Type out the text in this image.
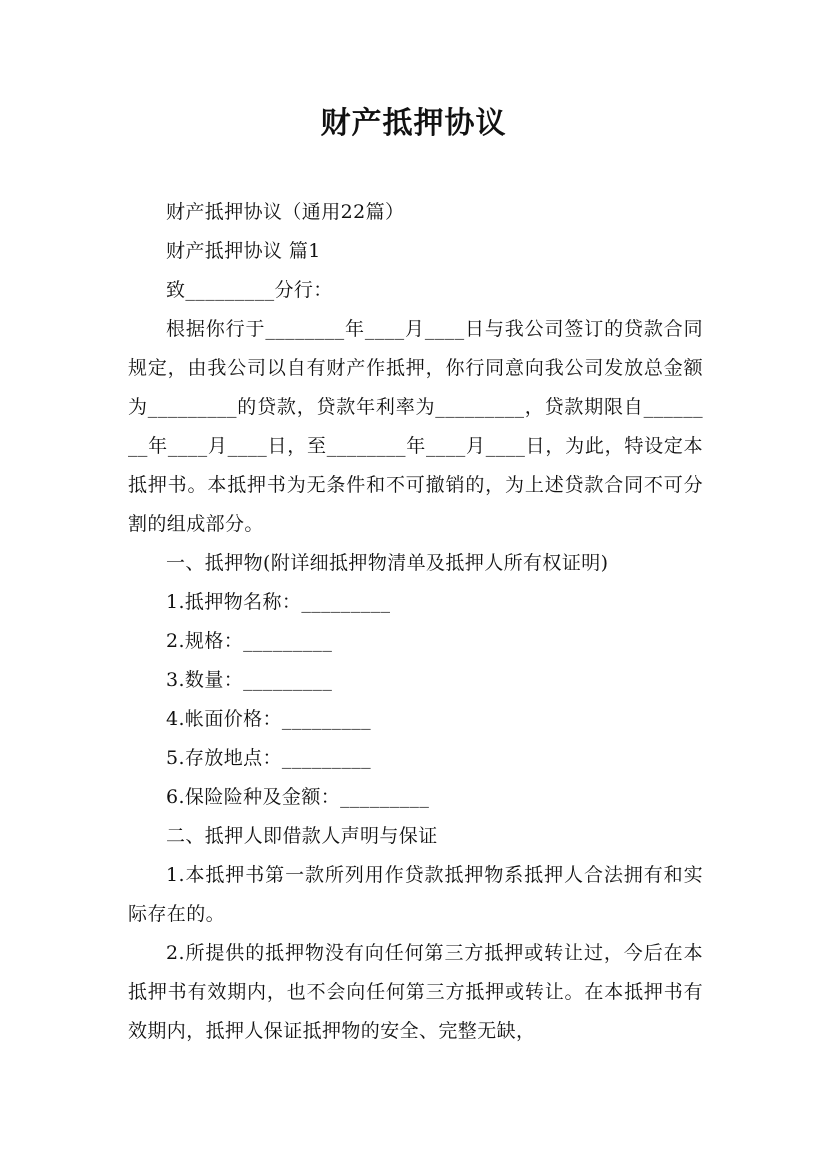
财产抵押协议

财产抵押协议（通用22篇）

财产抵押协议 篇1

致_________分行：

根据你行于________年____月____日与我公司签订的贷款合同规定，由我公司以自有财产作抵押，你行同意向我公司发放总金额为_________的贷款，贷款年利率为_________，贷款期限自________年____月____日，至________年____月____日，为此，特设定本抵押书。本抵押书为无条件和不可撤销的，为上述贷款合同不可分割的组成部分。

一、抵押物(附详细抵押物清单及抵押人所有权证明)

1.抵押物名称：_________

2.规格：_________

3.数量：_________

4.帐面价格：_________

5.存放地点：_________

6.保险险种及金额：_________

二、抵押人即借款人声明与保证

1.本抵押书第一款所列用作贷款抵押物系抵押人合法拥有和实际存在的。

2.所提供的抵押物没有向任何第三方抵押或转让过，今后在本抵押书有效期内，也不会向任何第三方抵押或转让。在本抵押书有效期内，抵押人保证抵押物的安全、完整无缺，
